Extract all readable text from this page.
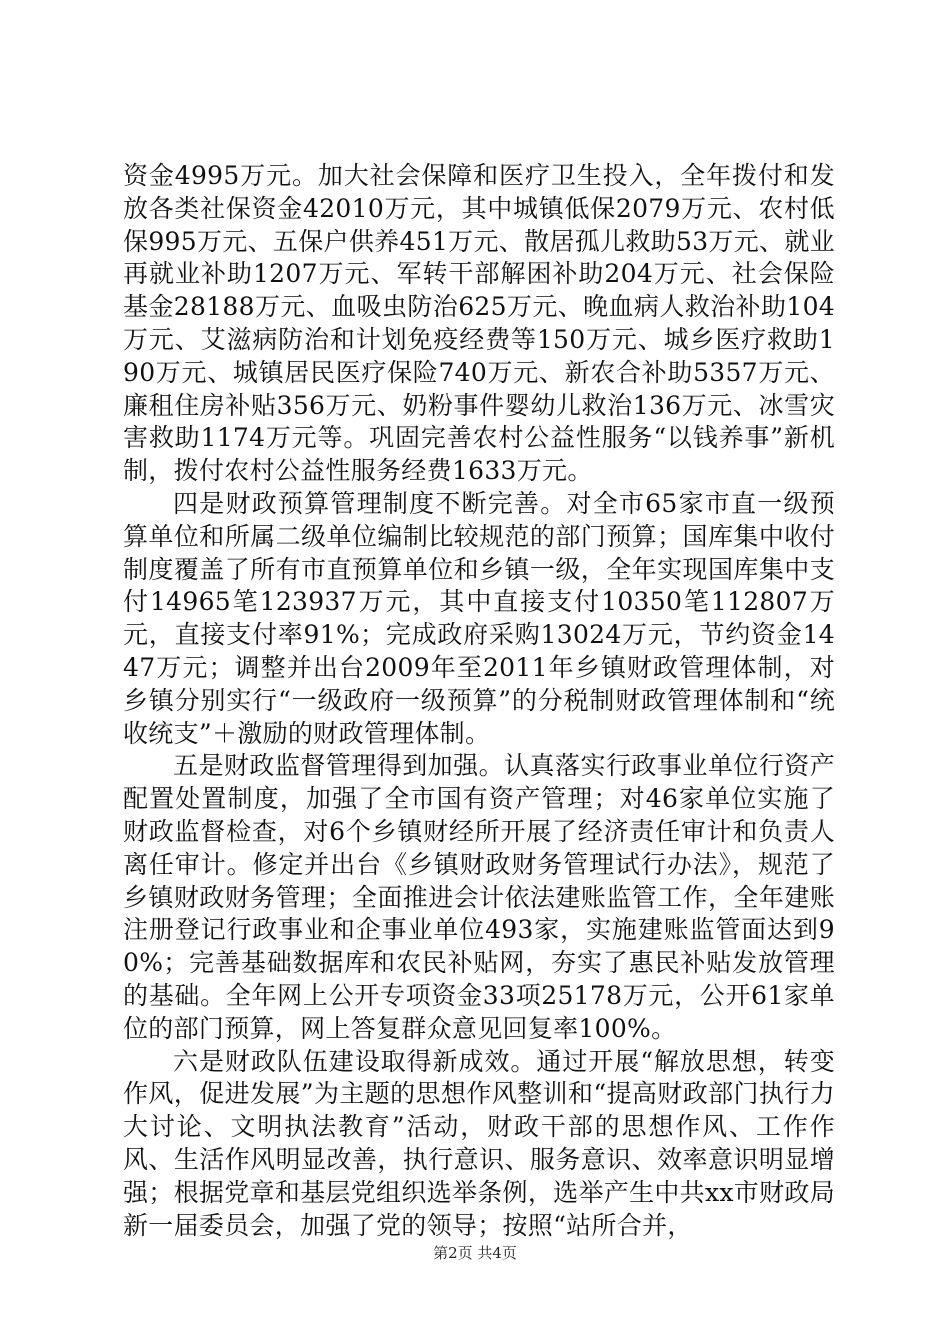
资金4995万元。加大社会保障和医疗卫生投入，全年拨付和发放各类社保资金42010万元，其中城镇低保2079万元、农村低保995万元、五保户供养451万元、散居孤儿救助53万元、就业再就业补助1207万元、军转干部解困补助204万元、社会保险基金28188万元、血吸虫防治625万元、晚血病人救治补助104万元、艾滋病防治和计划免疫经费等150万元、城乡医疗救助190万元、城镇居民医疗保险740万元、新农合补助5357万元、廉租住房补贴356万元、奶粉事件婴幼儿救治136万元、冰雪灾害救助1174万元等。巩固完善农村公益性服务“以钱养事”新机制，拨付农村公益性服务经费1633万元。

四是财政预算管理制度不断完善。对全市65家市直一级预算单位和所属二级单位编制比较规范的部门预算；国库集中收付制度覆盖了所有市直预算单位和乡镇一级，全年实现国库集中支付14965笔123937万元，其中直接支付10350笔112807万元，直接支付率91%；完成政府采购13024万元，节约资金1447万元；调整并出台2009年至2011年乡镇财政管理体制，对乡镇分别实行“一级政府一级预算”的分税制财政管理体制和“统收统支”＋激励的财政管理体制。

五是财政监督管理得到加强。认真落实行政事业单位行资产配置处置制度，加强了全市国有资产管理；对46家单位实施了财政监督检查，对6个乡镇财经所开展了经济责任审计和负责人离任审计。修定并出台《乡镇财政财务管理试行办法》，规范了乡镇财政财务管理；全面推进会计依法建账监管工作，全年建账注册登记行政事业和企事业单位493家，实施建账监管面达到90%；完善基础数据库和农民补贴网，夯实了惠民补贴发放管理的基础。全年网上公开专项资金33项25178万元，公开61家单位的部门预算，网上答复群众意见回复率100%。

六是财政队伍建设取得新成效。通过开展“解放思想，转变作风，促进发展”为主题的思想作风整训和“提高财政部门执行力大讨论、文明执法教育”活动，财政干部的思想作风、工作作风、生活作风明显改善，执行意识、服务意识、效率意识明显增强；根据党章和基层党组织选举条例，选举产生中共xx市财政局新一届委员会，加强了党的领导；按照“站所合并，

第2页 共4页
